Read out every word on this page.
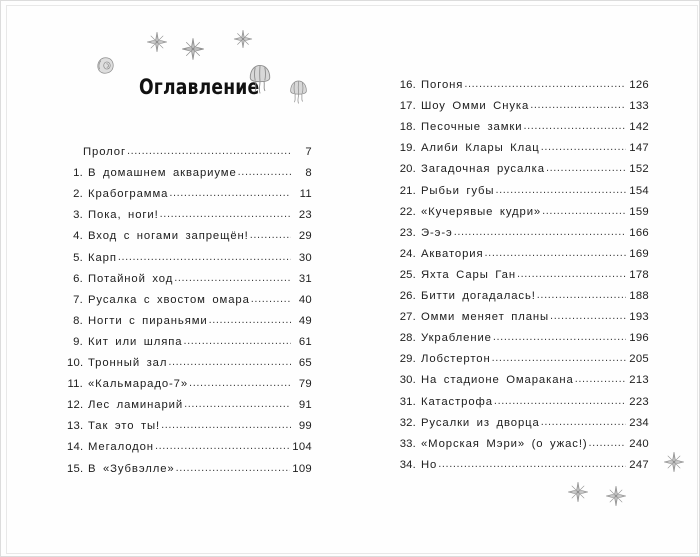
Оглавление
Пролог .....	7
1. В домашнем аквариуме .....	8
2. Крабограмма .....	11
3. Пока, ноги! .....	23
4. Вход с ногами запрещён! .....	29
5. Карп .....	30
6. Потайной ход .....	31
7. Русалка с хвостом омара .....	40
8. Ногти с пираньями .....	49
9. Кит или шляпа .....	61
10. Тронный зал .....	65
11. «Кальмарадо-7» .....	79
12. Лес ламинарий .....	91
13. Так это ты! .....	99
14. Мегалодон .....	104
15. В «Зубвэлле» .....	109
16. Погоня .....	126
17. Шоу Омми Снука .....	133
18. Песочные замки .....	142
19. Алиби Клары Клац .....	147
20. Загадочная русалка .....	152
21. Рыбьи губы .....	154
22. «Кучерявые кудри» .....	159
23. Э-э-э .....	166
24. Акватория .....	169
25. Яхта Сары Ган .....	178
26. Битти догадалась! .....	188
27. Омми меняет планы .....	193
28. Украбление .....	196
29. Лобстертон .....	205
30. На стадионе Омаракана .....	213
31. Катастрофа .....	223
32. Русалки из дворца .....	234
33. «Морская Мэри» (о ужас!) .....	240
34. Но .....	247
